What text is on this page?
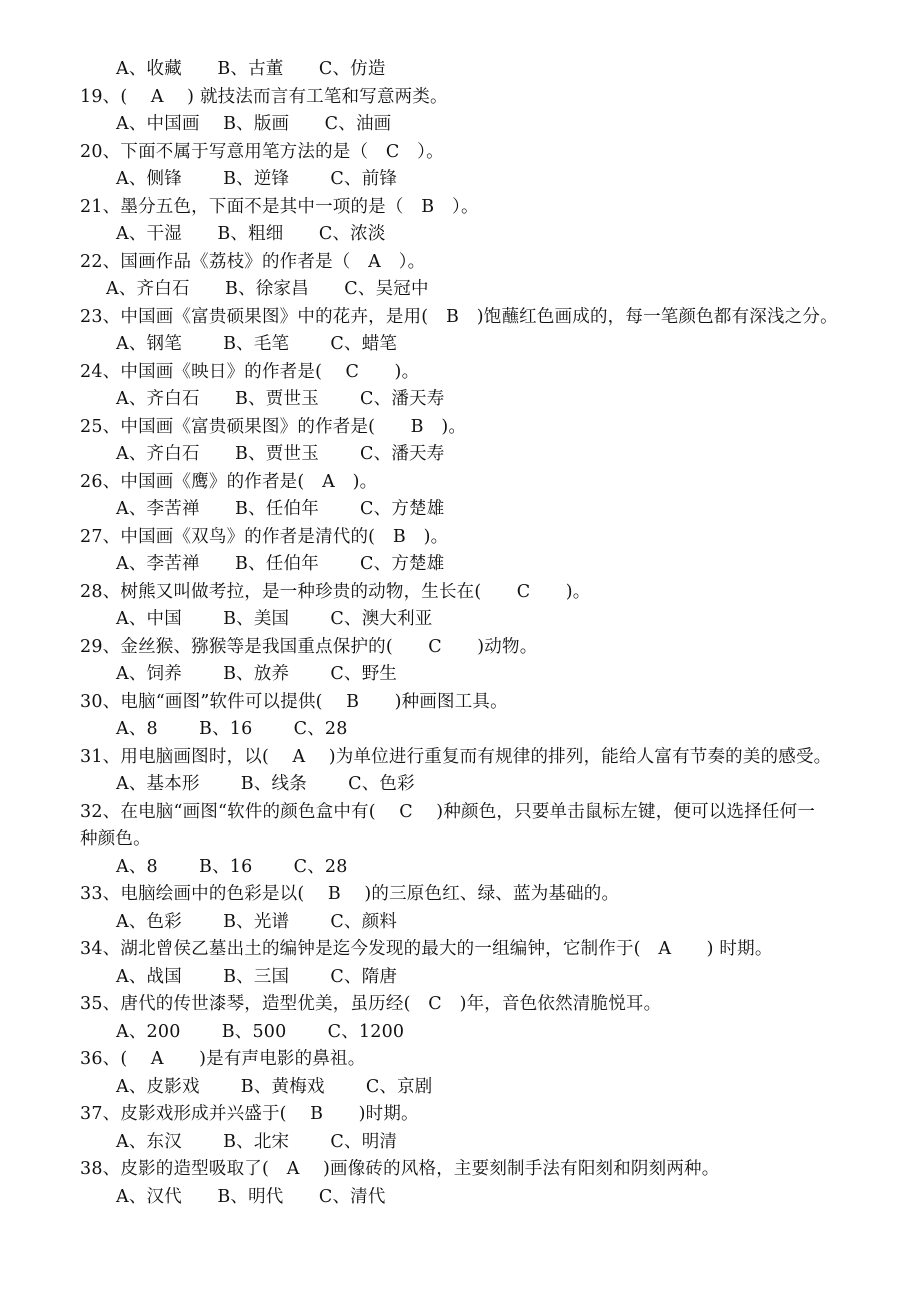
A、收藏　　B、古董　　C、仿造
19、(　 A　 ) 就技法而言有工笔和写意两类。
A、中国画　 B、版画　　C、油画
20、下面不属于写意用笔方法的是（　C　）。
A、侧锋　　 B、逆锋　　 C、前锋
21、墨分五色，下面不是其中一项的是（　B　）。
A、干湿　　B、粗细　　C、浓淡
22、国画作品《荔枝》的作者是（　A　）。
A、齐白石　　B、徐家昌　　C、吴冠中
23、中国画《富贵硕果图》中的花卉，是用(　B　)饱蘸红色画成的，每一笔颜色都有深浅之分。
A、钢笔　　 B、毛笔　　 C、蜡笔
24、中国画《映日》的作者是(　 C　　)。
A、齐白石　　B、贾世玉　　 C、潘天寿
25、中国画《富贵硕果图》的作者是(　　B　)。
A、齐白石　　B、贾世玉　　 C、潘天寿
26、中国画《鹰》的作者是(　A　)。
A、李苦禅　　B、任伯年　　 C、方楚雄
27、中国画《双鸟》的作者是清代的(　B　)。
A、李苦禅　　B、任伯年　　 C、方楚雄
28、树熊又叫做考拉，是一种珍贵的动物，生长在(　　C　　)。
A、中国　　 B、美国　　 C、澳大利亚
29、金丝猴、猕猴等是我国重点保护的(　　C　　)动物。
A、饲养　　 B、放养　　 C、野生
30、电脑“画图”软件可以提供(　 B　　)种画图工具。
A、8　　 B、16　　 C、28
31、用电脑画图时，以(　 A　 )为单位进行重复而有规律的排列，能给人富有节奏的美的感受。
A、基本形　　 B、线条　　 C、色彩
32、在电脑“画图“软件的颜色盒中有(　 C　 )种颜色，只要单击鼠标左键，便可以选择任何一
种颜色。
A、8　　 B、16　　 C、28
33、电脑绘画中的色彩是以(　 B　 )的三原色红、绿、蓝为基础的。
A、色彩　　 B、光谱　　 C、颜料
34、湖北曾侯乙墓出土的编钟是迄今发现的最大的一组编钟，它制作于(　A　　) 时期。
A、战国　　 B、三国　　 C、隋唐
35、唐代的传世漆琴，造型优美，虽历经(　C　)年，音色依然清脆悦耳。
A、200　　 B、500　　 C、1200
36、(　 A　　)是有声电影的鼻祖。
A、皮影戏　　 B、黄梅戏　　 C、京剧
37、皮影戏形成并兴盛于(　 B　　)时期。
A、东汉　　 B、北宋　　 C、明清
38、皮影的造型吸取了(　A　 )画像砖的风格，主要刻制手法有阳刻和阴刻两种。
A、汉代　　B、明代　　C、清代
